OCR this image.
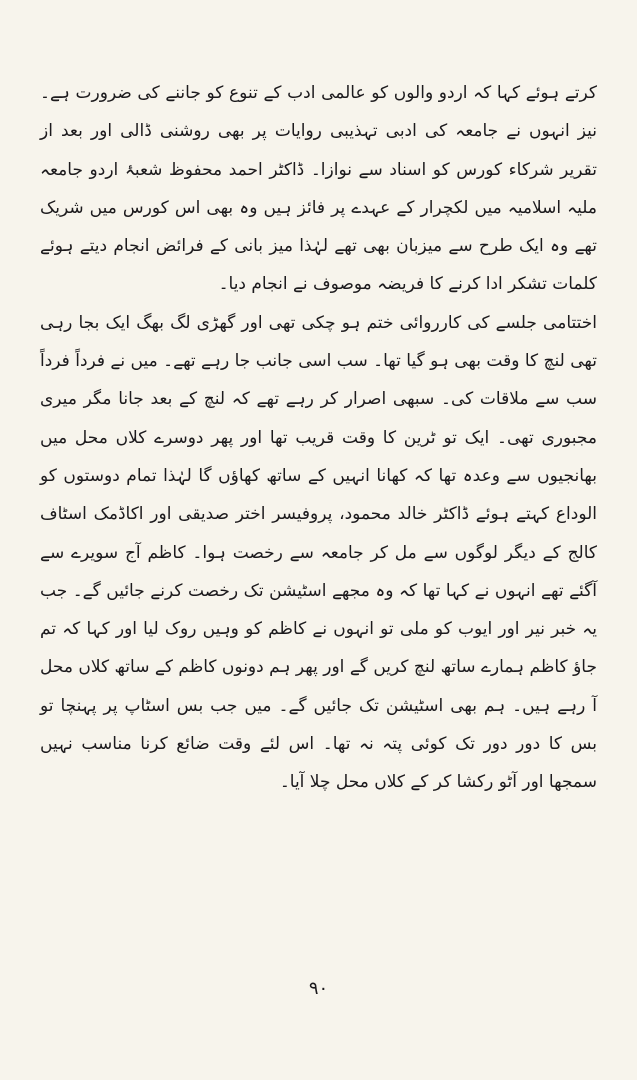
کرتے ہوئے کہا کہ اردو والوں کو عالمی ادب کے تنوع کو جاننے کی ضرورت ہے۔ نیز انہوں نے جامعہ کی ادبی تہذیبی روایات پر بھی روشنی ڈالی اور بعد از تقریر شرکاء کورس کو اسناد سے نوازا۔ ڈاکٹر احمد محفوظ شعبۂ اردو جامعہ ملیہ اسلامیہ میں لکچرار کے عہدے پر فائز ہیں وہ بھی اس کورس میں شریک تھے وہ ایک طرح سے میزبان بھی تھے لہٰذا میز بانی کے فرائض انجام دیتے ہوئے کلمات تشکر ادا کرنے کا فریضہ موصوف نے انجام دیا۔

اختتامی جلسے کی کارروائی ختم ہو چکی تھی اور گھڑی لگ بھگ ایک بجا رہی تھی لنچ کا وقت بھی ہو گیا تھا۔ سب اسی جانب جا رہے تھے۔ میں نے فرداً فرداً سب سے ملاقات کی۔ سبھی اصرار کر رہے تھے کہ لنچ کے بعد جانا مگر میری مجبوری تھی۔ ایک تو ٹرین کا وقت قریب تھا اور پھر دوسرے کلاں محل میں بھانجیوں سے وعدہ تھا کہ کھانا انہیں کے ساتھ کھاؤں گا لہٰذا تمام دوستوں کو الوداع کہتے ہوئے ڈاکٹر خالد محمود، پروفیسر اختر صدیقی اور اکاڈمک اسٹاف کالج کے دیگر لوگوں سے مل کر جامعہ سے رخصت ہوا۔ کاظم آج سویرے سے آگئے تھے انہوں نے کہا تھا کہ وہ مجھے اسٹیشن تک رخصت کرنے جائیں گے۔ جب یہ خبر نیر اور ایوب کو ملی تو انہوں نے کاظم کو وہیں روک لیا اور کہا کہ تم جاؤ کاظم ہمارے ساتھ لنچ کریں گے اور پھر ہم دونوں کاظم کے ساتھ کلاں محل آ رہے ہیں۔ ہم بھی اسٹیشن تک جائیں گے۔ میں جب بس اسٹاپ پر پہنچا تو بس کا دور دور تک کوئی پتہ نہ تھا۔ اس لئے وقت ضائع کرنا مناسب نہیں سمجھا اور آٹو رکشا کر کے کلاں محل چلا آیا۔

۹۰
